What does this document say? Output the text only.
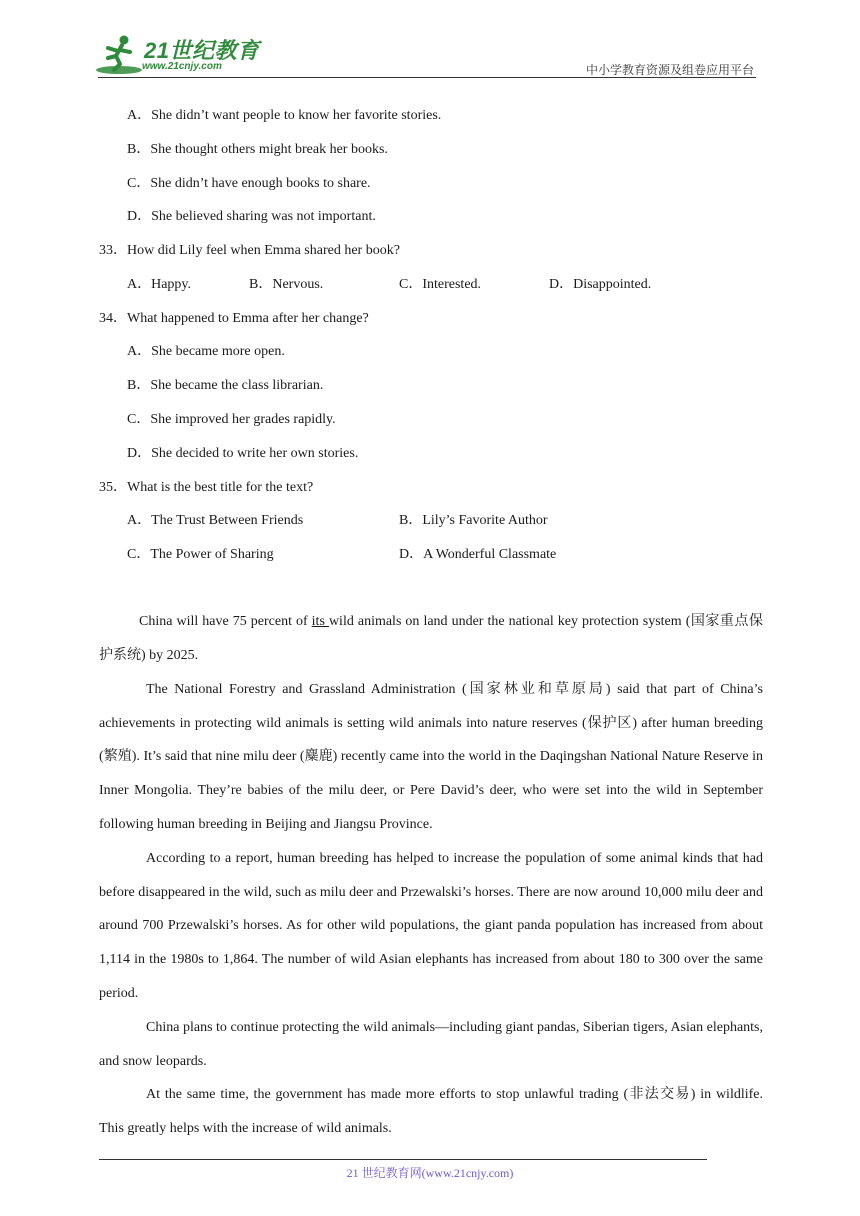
21世纪教育
www.21cnjy.com	中小学教育资源及组卷应用平台
A．She didn’t want people to know her favorite stories.
B．She thought others might break her books.
C．She didn’t have enough books to share.
D．She believed sharing was not important.
33．How did Lily feel when Emma shared her book?
A．Happy.	B．Nervous.	C．Interested.	D．Disappointed.
34．What happened to Emma after her change?
A．She became more open.
B．She became the class librarian.
C．She improved her grades rapidly.
D．She decided to write her own stories.
35．What is the best title for the text?
A．The Trust Between Friends	B．Lily’s Favorite Author
C．The Power of Sharing	D．A Wonderful Classmate
China will have 75 percent of its wild animals on land under the national key protection system (国家重点保护系统) by 2025.
The National Forestry and Grassland Administration (国家林业和草原局) said that part of China’s achievements in protecting wild animals is setting wild animals into nature reserves (保护区) after human breeding (繁殖). It’s said that nine milu deer (麋鹿) recently came into the world in the Daqingshan National Nature Reserve in Inner Mongolia. They’re babies of the milu deer, or Pere David’s deer, who were set into the wild in September following human breeding in Beijing and Jiangsu Province.
According to a report, human breeding has helped to increase the population of some animal kinds that had before disappeared in the wild, such as milu deer and Przewalski’s horses. There are now around 10,000 milu deer and around 700 Przewalski’s horses. As for other wild populations, the giant panda population has increased from about 1,114 in the 1980s to 1,864. The number of wild Asian elephants has increased from about 180 to 300 over the same period.
China plans to continue protecting the wild animals—including giant pandas, Siberian tigers, Asian elephants, and snow leopards.
At the same time, the government has made more efforts to stop unlawful trading (非法交易) in wildlife. This greatly helps with the increase of wild animals.
21 世纪教育网(www.21cnjy.com)
